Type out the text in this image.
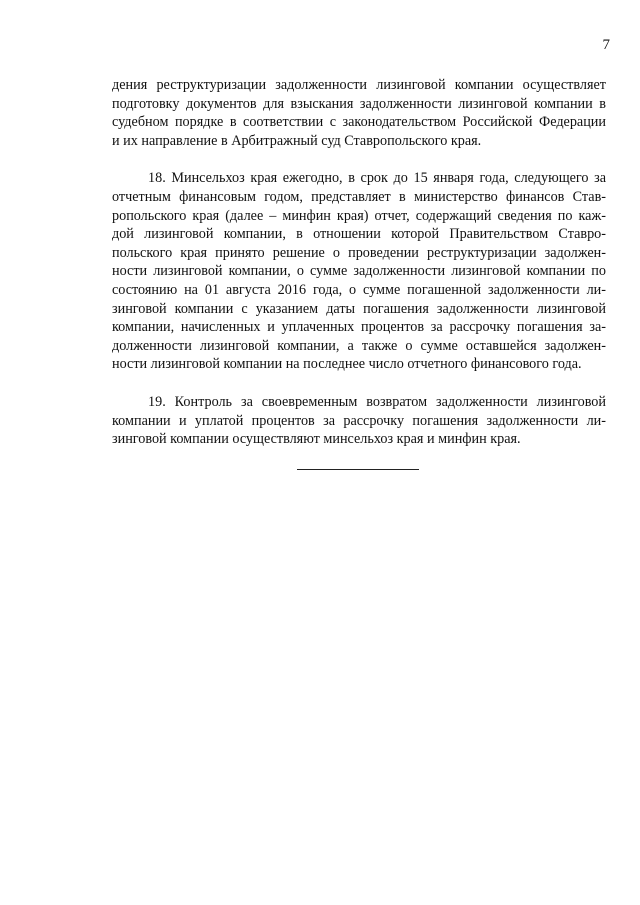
7

дения реструктуризации задолженности лизинговой компании осуществляет
подготовку документов для взыскания задолженности лизинговой компании в
судебном порядке в соответствии с законодательством Российской Федерации
и их направление в Арбитражный суд Ставропольского края.

18. Минсельхоз края ежегодно, в срок до 15 января года, следующего за
отчетным финансовым годом, представляет в министерство финансов Став-
ропольского края (далее – минфин края) отчет, содержащий сведения по каж-
дой лизинговой компании, в отношении которой Правительством Ставро-
польского края принято решение о проведении реструктуризации задолжен-
ности лизинговой компании, о сумме задолженности лизинговой компании по
состоянию на 01 августа 2016 года, о сумме погашенной задолженности ли-
зинговой компании с указанием даты погашения задолженности лизинговой
компании, начисленных и уплаченных процентов за рассрочку погашения за-
долженности лизинговой компании, а также о сумме оставшейся задолжен-
ности лизинговой компании на последнее число отчетного финансового года.

19. Контроль за своевременным возвратом задолженности лизинговой
компании и уплатой процентов за рассрочку погашения задолженности ли-
зинговой компании осуществляют минсельхоз края и минфин края.
